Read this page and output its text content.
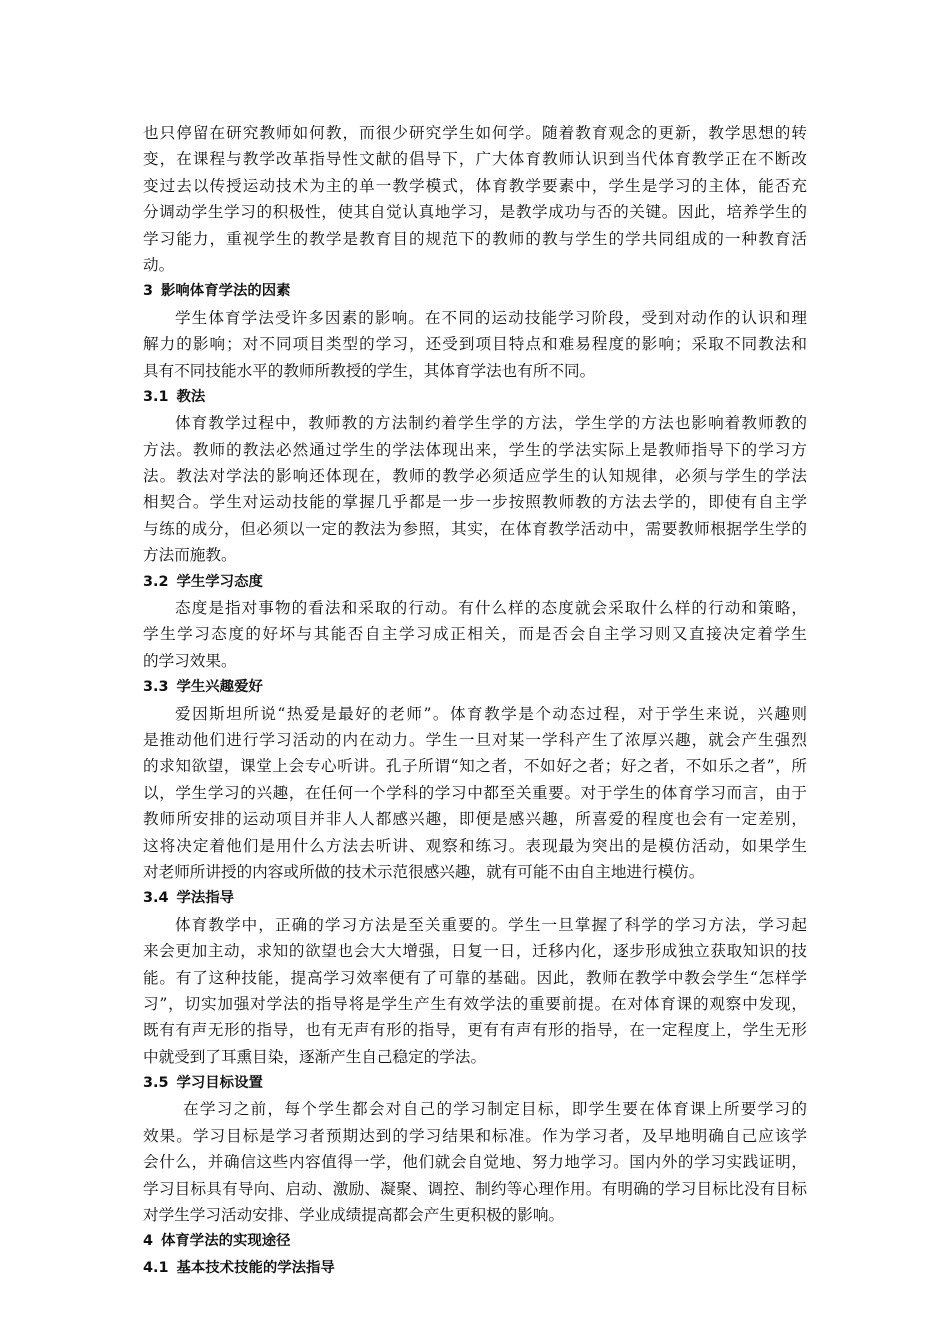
也只停留在研究教师如何教，而很少研究学生如何学。随着教育观念的更新，教学思想的转
变，在课程与教学改革指导性文献的倡导下，广大体育教师认识到当代体育教学正在不断改
变过去以传授运动技术为主的单一教学模式，体育教学要素中，学生是学习的主体，能否充
分调动学生学习的积极性，使其自觉认真地学习，是教学成功与否的关键。因此，培养学生的
学习能力，重视学生的教学是教育目的规范下的教师的教与学生的学共同组成的一种教育活
动。
3 影响体育学法的因素
学生体育学法受许多因素的影响。在不同的运动技能学习阶段，受到对动作的认识和理
解力的影响；对不同项目类型的学习，还受到项目特点和难易程度的影响；采取不同教法和
具有不同技能水平的教师所教授的学生，其体育学法也有所不同。
3.1 教法
体育教学过程中，教师教的方法制约着学生学的方法，学生学的方法也影响着教师教的
方法。教师的教法必然通过学生的学法体现出来，学生的学法实际上是教师指导下的学习方
法。教法对学法的影响还体现在，教师的教学必须适应学生的认知规律，必须与学生的学法
相契合。学生对运动技能的掌握几乎都是一步一步按照教师教的方法去学的，即使有自主学
与练的成分，但必须以一定的教法为参照，其实，在体育教学活动中，需要教师根据学生学的
方法而施教。
3.2 学生学习态度
态度是指对事物的看法和采取的行动。有什么样的态度就会采取什么样的行动和策略，
学生学习态度的好坏与其能否自主学习成正相关，而是否会自主学习则又直接决定着学生
的学习效果。
3.3 学生兴趣爱好
爱因斯坦所说“热爱是最好的老师”。体育教学是个动态过程，对于学生来说，兴趣则
是推动他们进行学习活动的内在动力。学生一旦对某一学科产生了浓厚兴趣，就会产生强烈
的求知欲望，课堂上会专心听讲。孔子所谓“知之者，不如好之者；好之者，不如乐之者”，所
以，学生学习的兴趣，在任何一个学科的学习中都至关重要。对于学生的体育学习而言，由于
教师所安排的运动项目并非人人都感兴趣，即便是感兴趣，所喜爱的程度也会有一定差别，
这将决定着他们是用什么方法去听讲、观察和练习。表现最为突出的是模仿活动，如果学生
对老师所讲授的内容或所做的技术示范很感兴趣，就有可能不由自主地进行模仿。
3.4 学法指导
体育教学中，正确的学习方法是至关重要的。学生一旦掌握了科学的学习方法，学习起
来会更加主动，求知的欲望也会大大增强，日复一日，迁移内化，逐步形成独立获取知识的技
能。有了这种技能，提高学习效率便有了可靠的基础。因此，教师在教学中教会学生“怎样学
习”，切实加强对学法的指导将是学生产生有效学法的重要前提。在对体育课的观察中发现，
既有有声无形的指导，也有无声有形的指导，更有有声有形的指导，在一定程度上，学生无形
中就受到了耳熏目染，逐渐产生自己稳定的学法。
3.5 学习目标设置
在学习之前，每个学生都会对自己的学习制定目标，即学生要在体育课上所要学习的
效果。学习目标是学习者预期达到的学习结果和标准。作为学习者，及早地明确自己应该学
会什么，并确信这些内容值得一学，他们就会自觉地、努力地学习。国内外的学习实践证明，
学习目标具有导向、启动、激励、凝聚、调控、制约等心理作用。有明确的学习目标比没有目标
对学生学习活动安排、学业成绩提高都会产生更积极的影响。
4 体育学法的实现途径
4.1 基本技术技能的学法指导
